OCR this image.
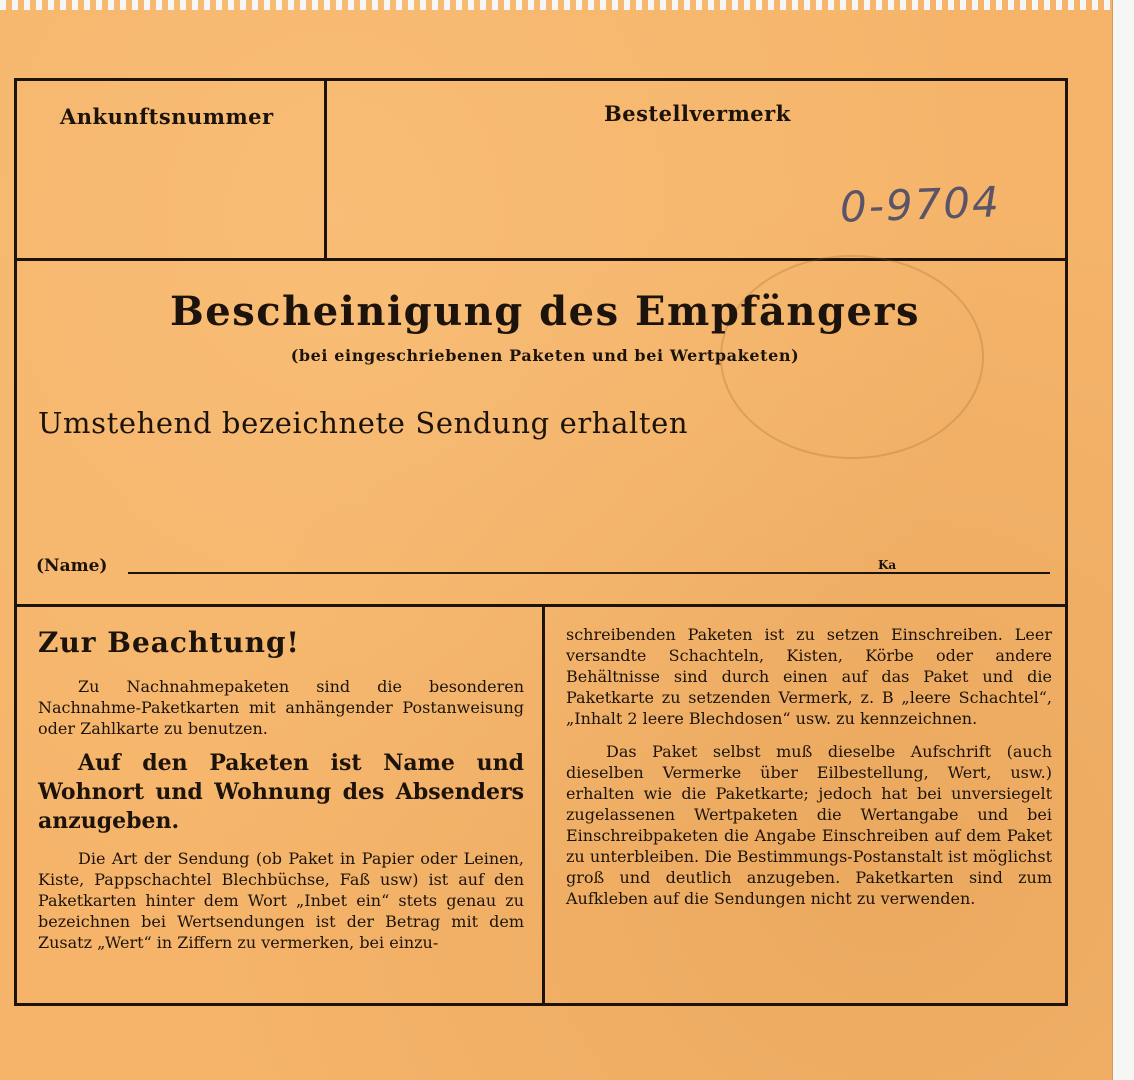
Ankunftsnummer	Bestellvermerk
0-9704
Bescheinigung des Empfängers
(bei eingeschriebenen Paketen und bei Wertpaketen)
Umstehend bezeichnete Sendung erhalten
(Name)	Ka
Zur Beachtung!

Zu Nachnahmepaketen sind die besonderen Nachnahme-Paketkarten mit anhängender Postanweisung oder Zahlkarte zu benutzen.

Auf den Paketen ist Name und Wohnort und Wohnung des Absenders anzugeben.

Die Art der Sendung (ob Paket in Papier oder Leinen, Kiste, Pappschachtel Blechbüchse, Faß usw) ist auf den Paketkarten hinter dem Wort „Inbet ein“ stets genau zu bezeichnen bei Wertsendungen ist der Betrag mit dem Zusatz „Wert“ in Ziffern zu vermerken, bei einzu-

schreibenden Paketen ist zu setzen Einschreiben. Leer versandte Schachteln, Kisten, Körbe oder andere Behältnisse sind durch einen auf das Paket und die Paketkarte zu setzenden Vermerk, z. B „leere Schachtel“, „Inhalt 2 leere Blechdosen“ usw. zu kennzeichnen.

Das Paket selbst muß dieselbe Aufschrift (auch dieselben Vermerke über Eilbestellung, Wert, usw.) erhalten wie die Paketkarte; jedoch hat bei unversiegelt zugelassenen Wertpaketen die Wertangabe und bei Einschreibpaketen die Angabe Einschreiben auf dem Paket zu unterbleiben. Die Bestimmungs-Postanstalt ist möglichst groß und deutlich anzugeben. Paketkarten sind zum Aufkleben auf die Sendungen nicht zu verwenden.
